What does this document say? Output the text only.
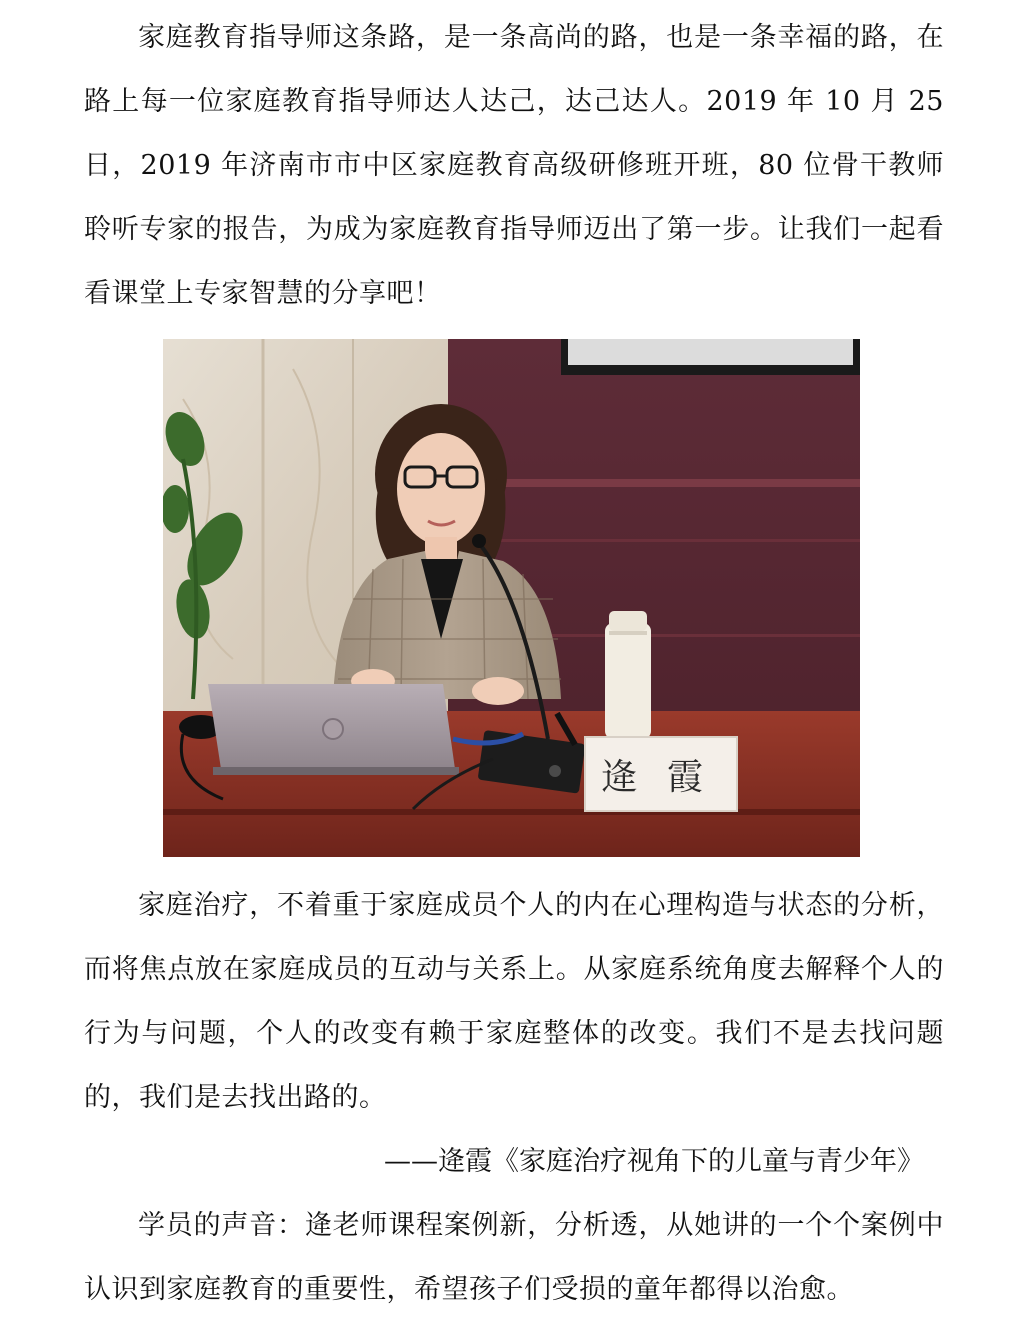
家庭教育指导师这条路，是一条高尚的路，也是一条幸福的路，在路上每一位家庭教育指导师达人达己，达己达人。2019 年 10 月 25 日，2019 年济南市市中区家庭教育高级研修班开班，80 位骨干教师聆听专家的报告，为成为家庭教育指导师迈出了第一步。让我们一起看看课堂上专家智慧的分享吧！

逄霞

家庭治疗，不着重于家庭成员个人的内在心理构造与状态的分析，而将焦点放在家庭成员的互动与关系上。从家庭系统角度去解释个人的行为与问题，个人的改变有赖于家庭整体的改变。我们不是去找问题的，我们是去找出路的。

——逄霞《家庭治疗视角下的儿童与青少年》

学员的声音：逄老师课程案例新，分析透，从她讲的一个个案例中认识到家庭教育的重要性，希望孩子们受损的童年都得以治愈。
